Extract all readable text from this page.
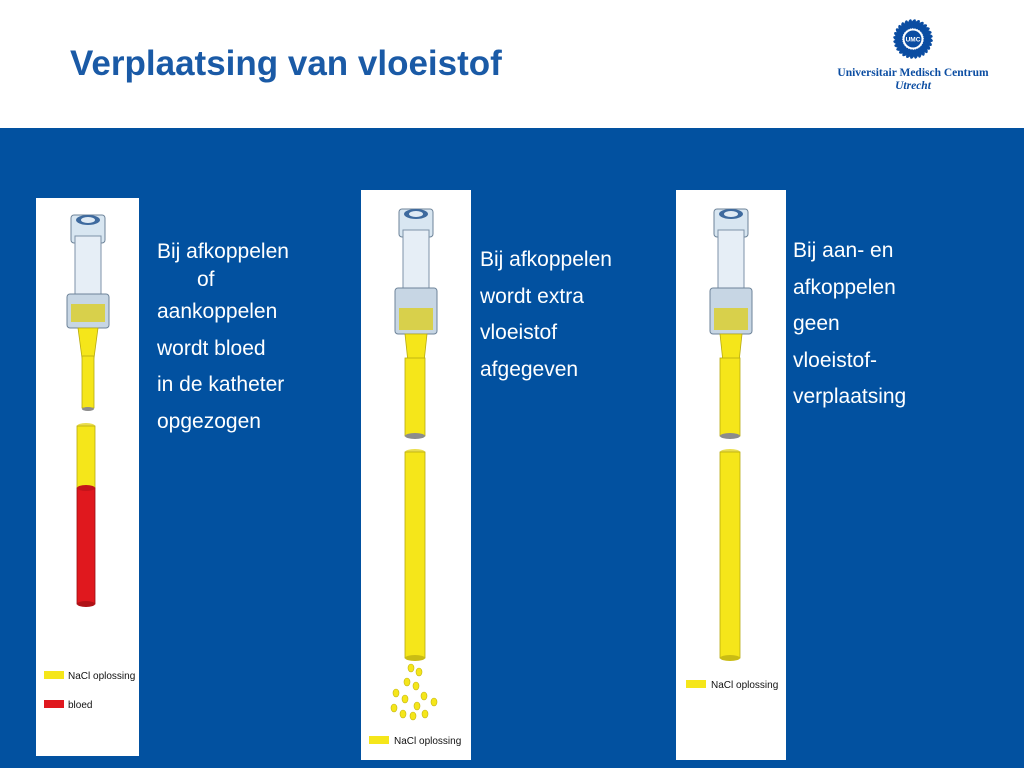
Verplaatsing van vloeistof
UMC
Universitair Medisch Centrum
Utrecht
NaCl oplossing
bloed
Bij afkoppelen
of
aankoppelen
wordt bloed
in de katheter
opgezogen
NaCl oplossing
Bij afkoppelen
wordt extra
vloeistof
afgegeven
NaCl oplossing
Bij aan- en
afkoppelen
geen
vloeistof-
verplaatsing
